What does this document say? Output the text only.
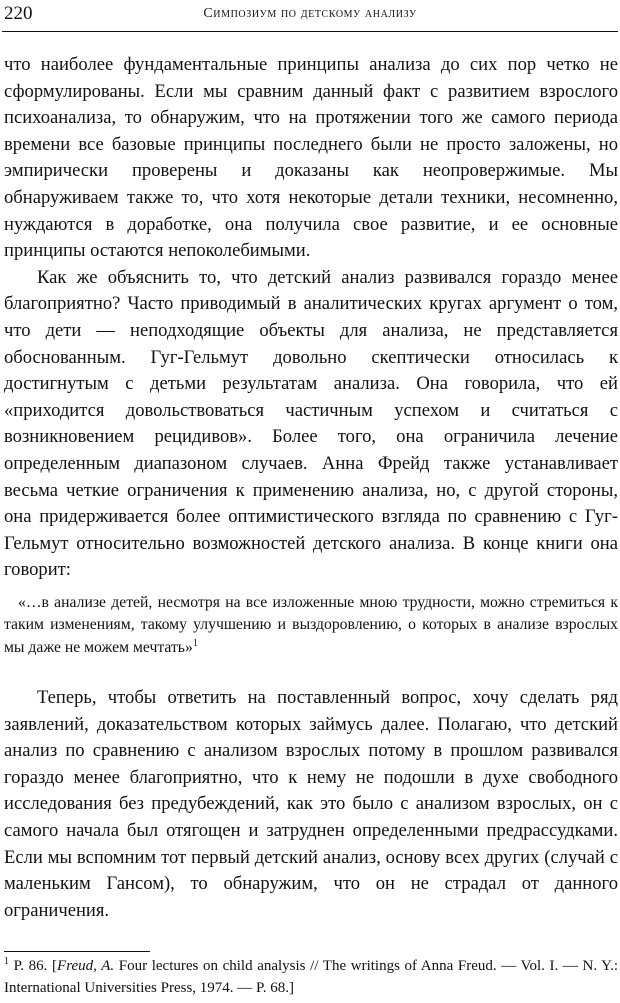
220	Симпозиум по детскому анализу

что наиболее фундаментальные принципы анализа до сих пор четко не сформулированы. Если мы сравним данный факт с развитием взрослого психоанализа, то обнаружим, что на протяжении того же самого периода времени все базовые принципы последнего были не просто заложены, но эмпирически проверены и доказаны как неопровержимые. Мы обнаруживаем также то, что хотя некоторые детали техники, несомненно, нуждаются в доработке, она получила свое развитие, и ее основные принципы остаются непоколебимыми.

Как же объяснить то, что детский анализ развивался гораздо менее благоприятно? Часто приводимый в аналитических кругах аргумент о том, что дети — неподходящие объекты для анализа, не представляется обоснованным. Гуг-Гельмут довольно скептически относилась к достигнутым с детьми результатам анализа. Она говорила, что ей «приходится довольствоваться частичным успехом и считаться с возникновением рецидивов». Более того, она ограничила лечение определенным диапазоном случаев. Анна Фрейд также устанавливает весьма четкие ограничения к применению анализа, но, с другой стороны, она придерживается более оптимистического взгляда по сравнению с Гуг-Гельмут относительно возможностей детского анализа. В конце книги она говорит:

«…в анализе детей, несмотря на все изложенные мною трудности, можно стремиться к таким изменениям, такому улучшению и выздоровлению, о которых в анализе взрослых мы даже не можем мечтать»$^1$

Теперь, чтобы ответить на поставленный вопрос, хочу сделать ряд заявлений, доказательством которых займусь далее. Полагаю, что детский анализ по сравнению с анализом взрослых потому в прошлом развивался гораздо менее благоприятно, что к нему не подошли в духе свободного исследования без предубеждений, как это было с анализом взрослых, он с самого начала был отягощен и затруднен определенными предрассудками. Если мы вспомним тот первый детский анализ, основу всех других (случай с маленьким Гансом), то обнаружим, что он не страдал от данного ограничения.

$^1$ P. 86. [Freud, A. Four lectures on child analysis // The writings of Anna Freud. — Vol. I. — N. Y.: International Universities Press, 1974. — P. 68.]
